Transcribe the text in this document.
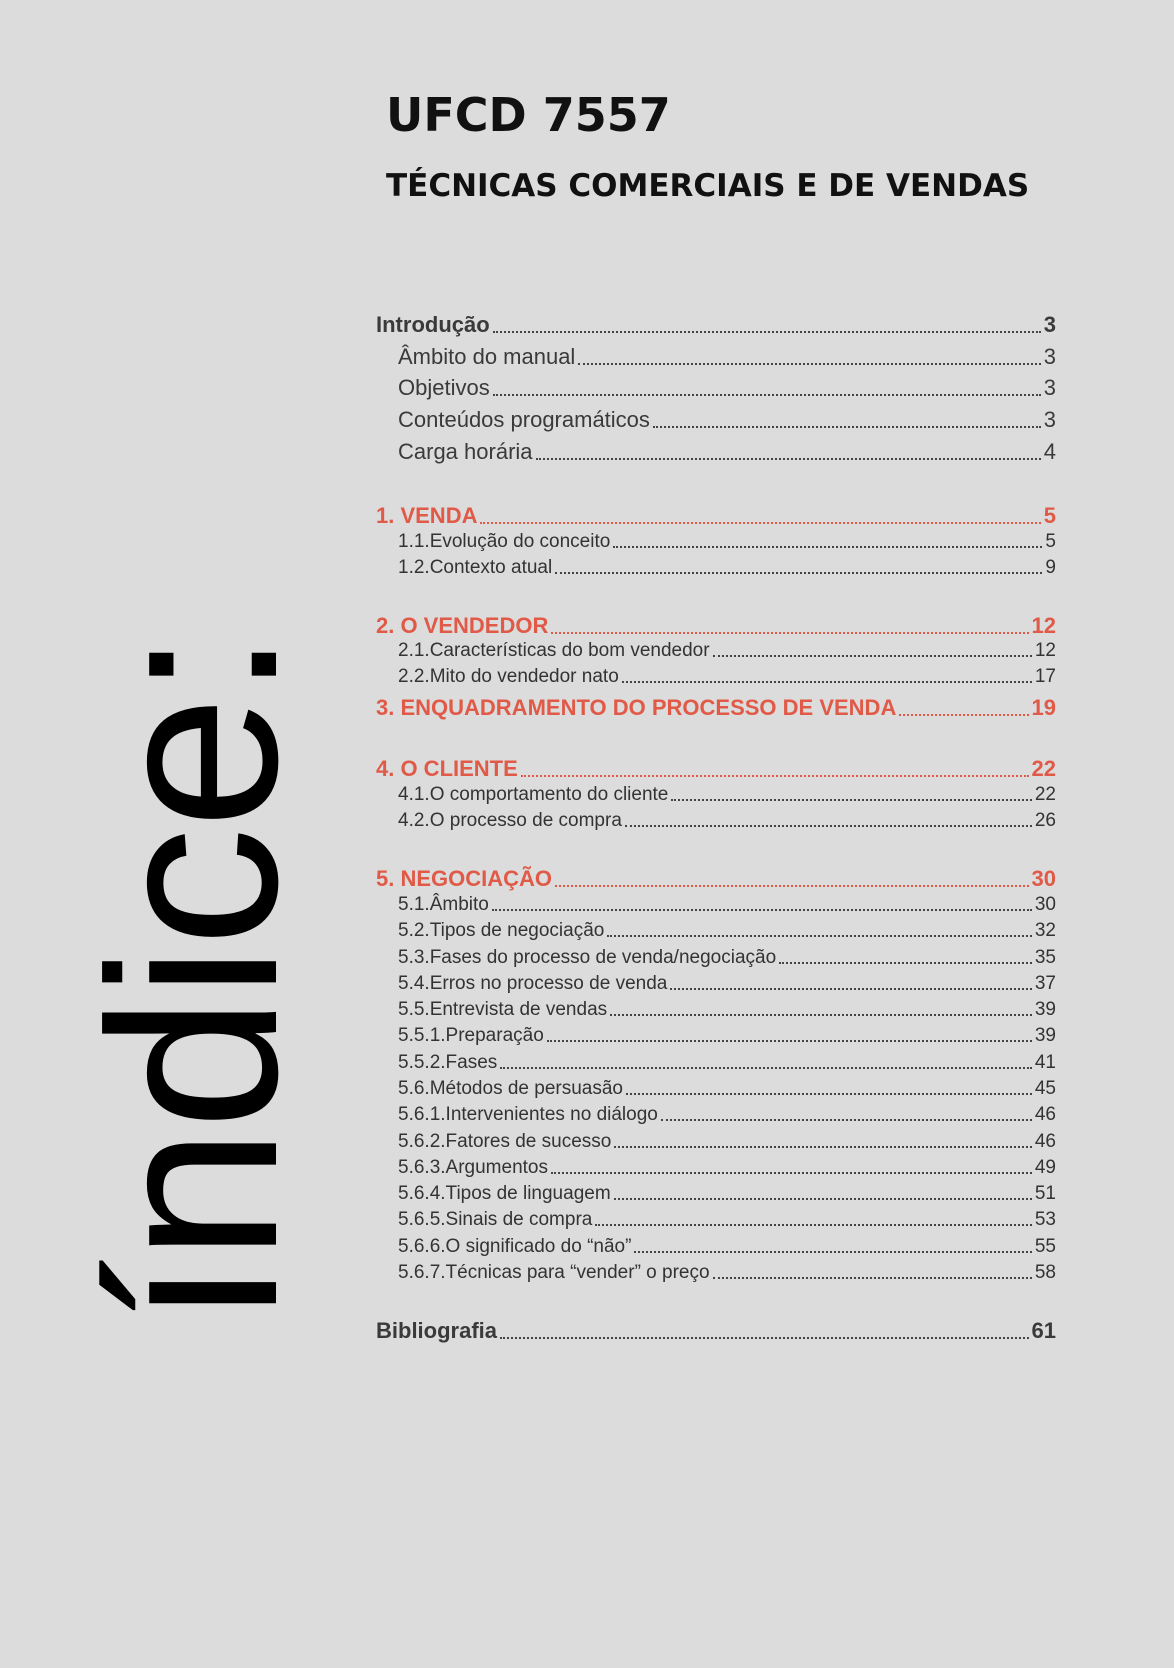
índice:
UFCD 7557
TÉCNICAS COMERCIAIS E DE VENDAS
Introdução	3
Âmbito do manual	3
Objetivos	3
Conteúdos programáticos	3
Carga horária	4
1. VENDA	5
1.1.Evolução do conceito	5
1.2.Contexto atual	9
2. O VENDEDOR	12
2.1.Características do bom vendedor	12
2.2.Mito do vendedor nato	17
3. ENQUADRAMENTO DO PROCESSO DE VENDA	19
4. O CLIENTE	22
4.1.O comportamento do cliente	22
4.2.O processo de compra	26
5. NEGOCIAÇÃO	30
5.1.Âmbito	30
5.2.Tipos de negociação	32
5.3.Fases do processo de venda/negociação	35
5.4.Erros no processo de venda	37
5.5.Entrevista de vendas	39
5.5.1.Preparação	39
5.5.2.Fases	41
5.6.Métodos de persuasão	45
5.6.1.Intervenientes no diálogo	46
5.6.2.Fatores de sucesso	46
5.6.3.Argumentos	49
5.6.4.Tipos de linguagem	51
5.6.5.Sinais de compra	53
5.6.6.O significado do “não”	55
5.6.7.Técnicas para “vender” o preço	58
Bibliografia	61
